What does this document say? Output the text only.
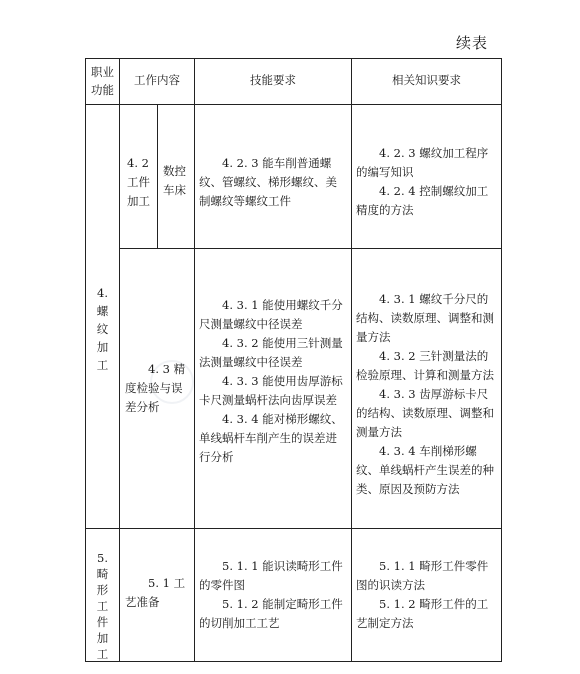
续表
职业
功能
工作内容	技能要求	相关知识要求
4.
螺
纹
加
工
4. 2
工件
加工
数控
车床
　　4. 2. 3 能车削普通螺纹、管螺纹、梯形螺纹、美制螺纹等螺纹工件
　　4. 2. 3 螺纹加工程序的编写知识
　　4. 2. 4 控制螺纹加工精度的方法
　　4. 3 精度检验与误差分析
　　4. 3. 1 能使用螺纹千分尺测量螺纹中径误差
　　4. 3. 2 能使用三针测量法测量螺纹中径误差
　　4. 3. 3 能使用齿厚游标卡尺测量蜗杆法向齿厚误差
　　4. 3. 4 能对梯形螺纹、单线蜗杆车削产生的误差进行分析
　　4. 3. 1 螺纹千分尺的结构、读数原理、调整和测量方法
　　4. 3. 2 三针测量法的检验原理、计算和测量方法
　　4. 3. 3 齿厚游标卡尺的结构、读数原理、调整和测量方法
　　4. 3. 4 车削梯形螺纹、单线蜗杆产生误差的种类、原因及预防方法
5.
畸
形
工
件
加
工
　　5. 1 工艺准备
　　5. 1. 1 能识读畸形工件的零件图
　　5. 1. 2 能制定畸形工件的切削加工工艺
　　5. 1. 1 畸形工件零件图的识读方法
　　5. 1. 2 畸形工件的工艺制定方法
